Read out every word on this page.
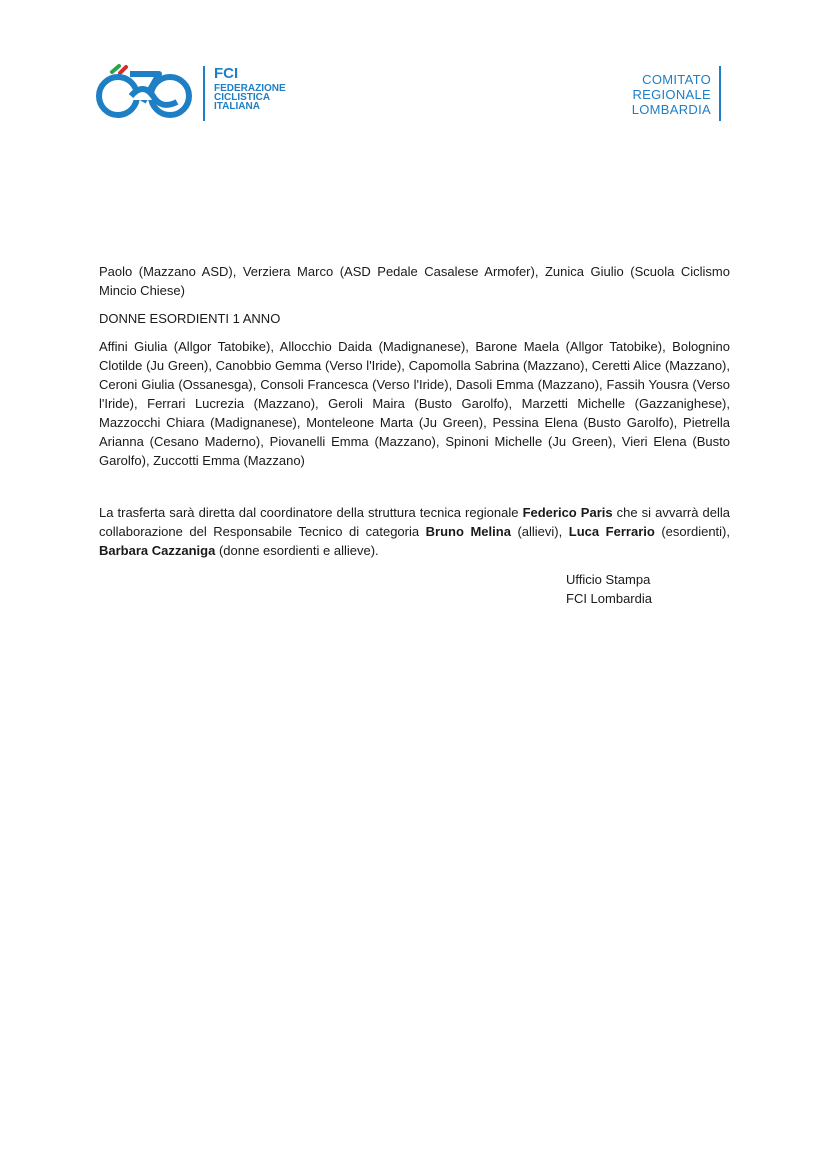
FCI
FEDERAZIONE
CICLISTICA
ITALIANA
COMITATO
REGIONALE
LOMBARDIA

Paolo (Mazzano ASD), Verziera Marco (ASD Pedale Casalese Armofer), Zunica Giulio (Scuola Ciclismo Mincio Chiese)

DONNE ESORDIENTI 1 ANNO

Affini Giulia (Allgor Tatobike), Allocchio Daida (Madignanese), Barone Maela (Allgor Tatobike), Bolognino Clotilde (Ju Green), Canobbio Gemma (Verso l'Iride), Capomolla Sabrina (Mazzano), Ceretti Alice (Mazzano), Ceroni Giulia (Ossanesga), Consoli Francesca (Verso l'Iride), Dasoli Emma (Mazzano), Fassih Yousra (Verso l'Iride), Ferrari Lucrezia (Mazzano), Geroli Maira (Busto Garolfo), Marzetti Michelle (Gazzanighese), Mazzocchi Chiara (Madignanese), Monteleone Marta (Ju Green), Pessina Elena (Busto Garolfo), Pietrella Arianna (Cesano Maderno), Piovanelli Emma (Mazzano), Spinoni Michelle (Ju Green), Vieri Elena (Busto Garolfo), Zuccotti Emma (Mazzano)

La trasferta sarà diretta dal coordinatore della struttura tecnica regionale Federico Paris che si avvarrà della collaborazione del Responsabile Tecnico di categoria Bruno Melina (allievi), Luca Ferrario (esordienti), Barbara Cazzaniga (donne esordienti e allieve).

Ufficio Stampa
FCI Lombardia
